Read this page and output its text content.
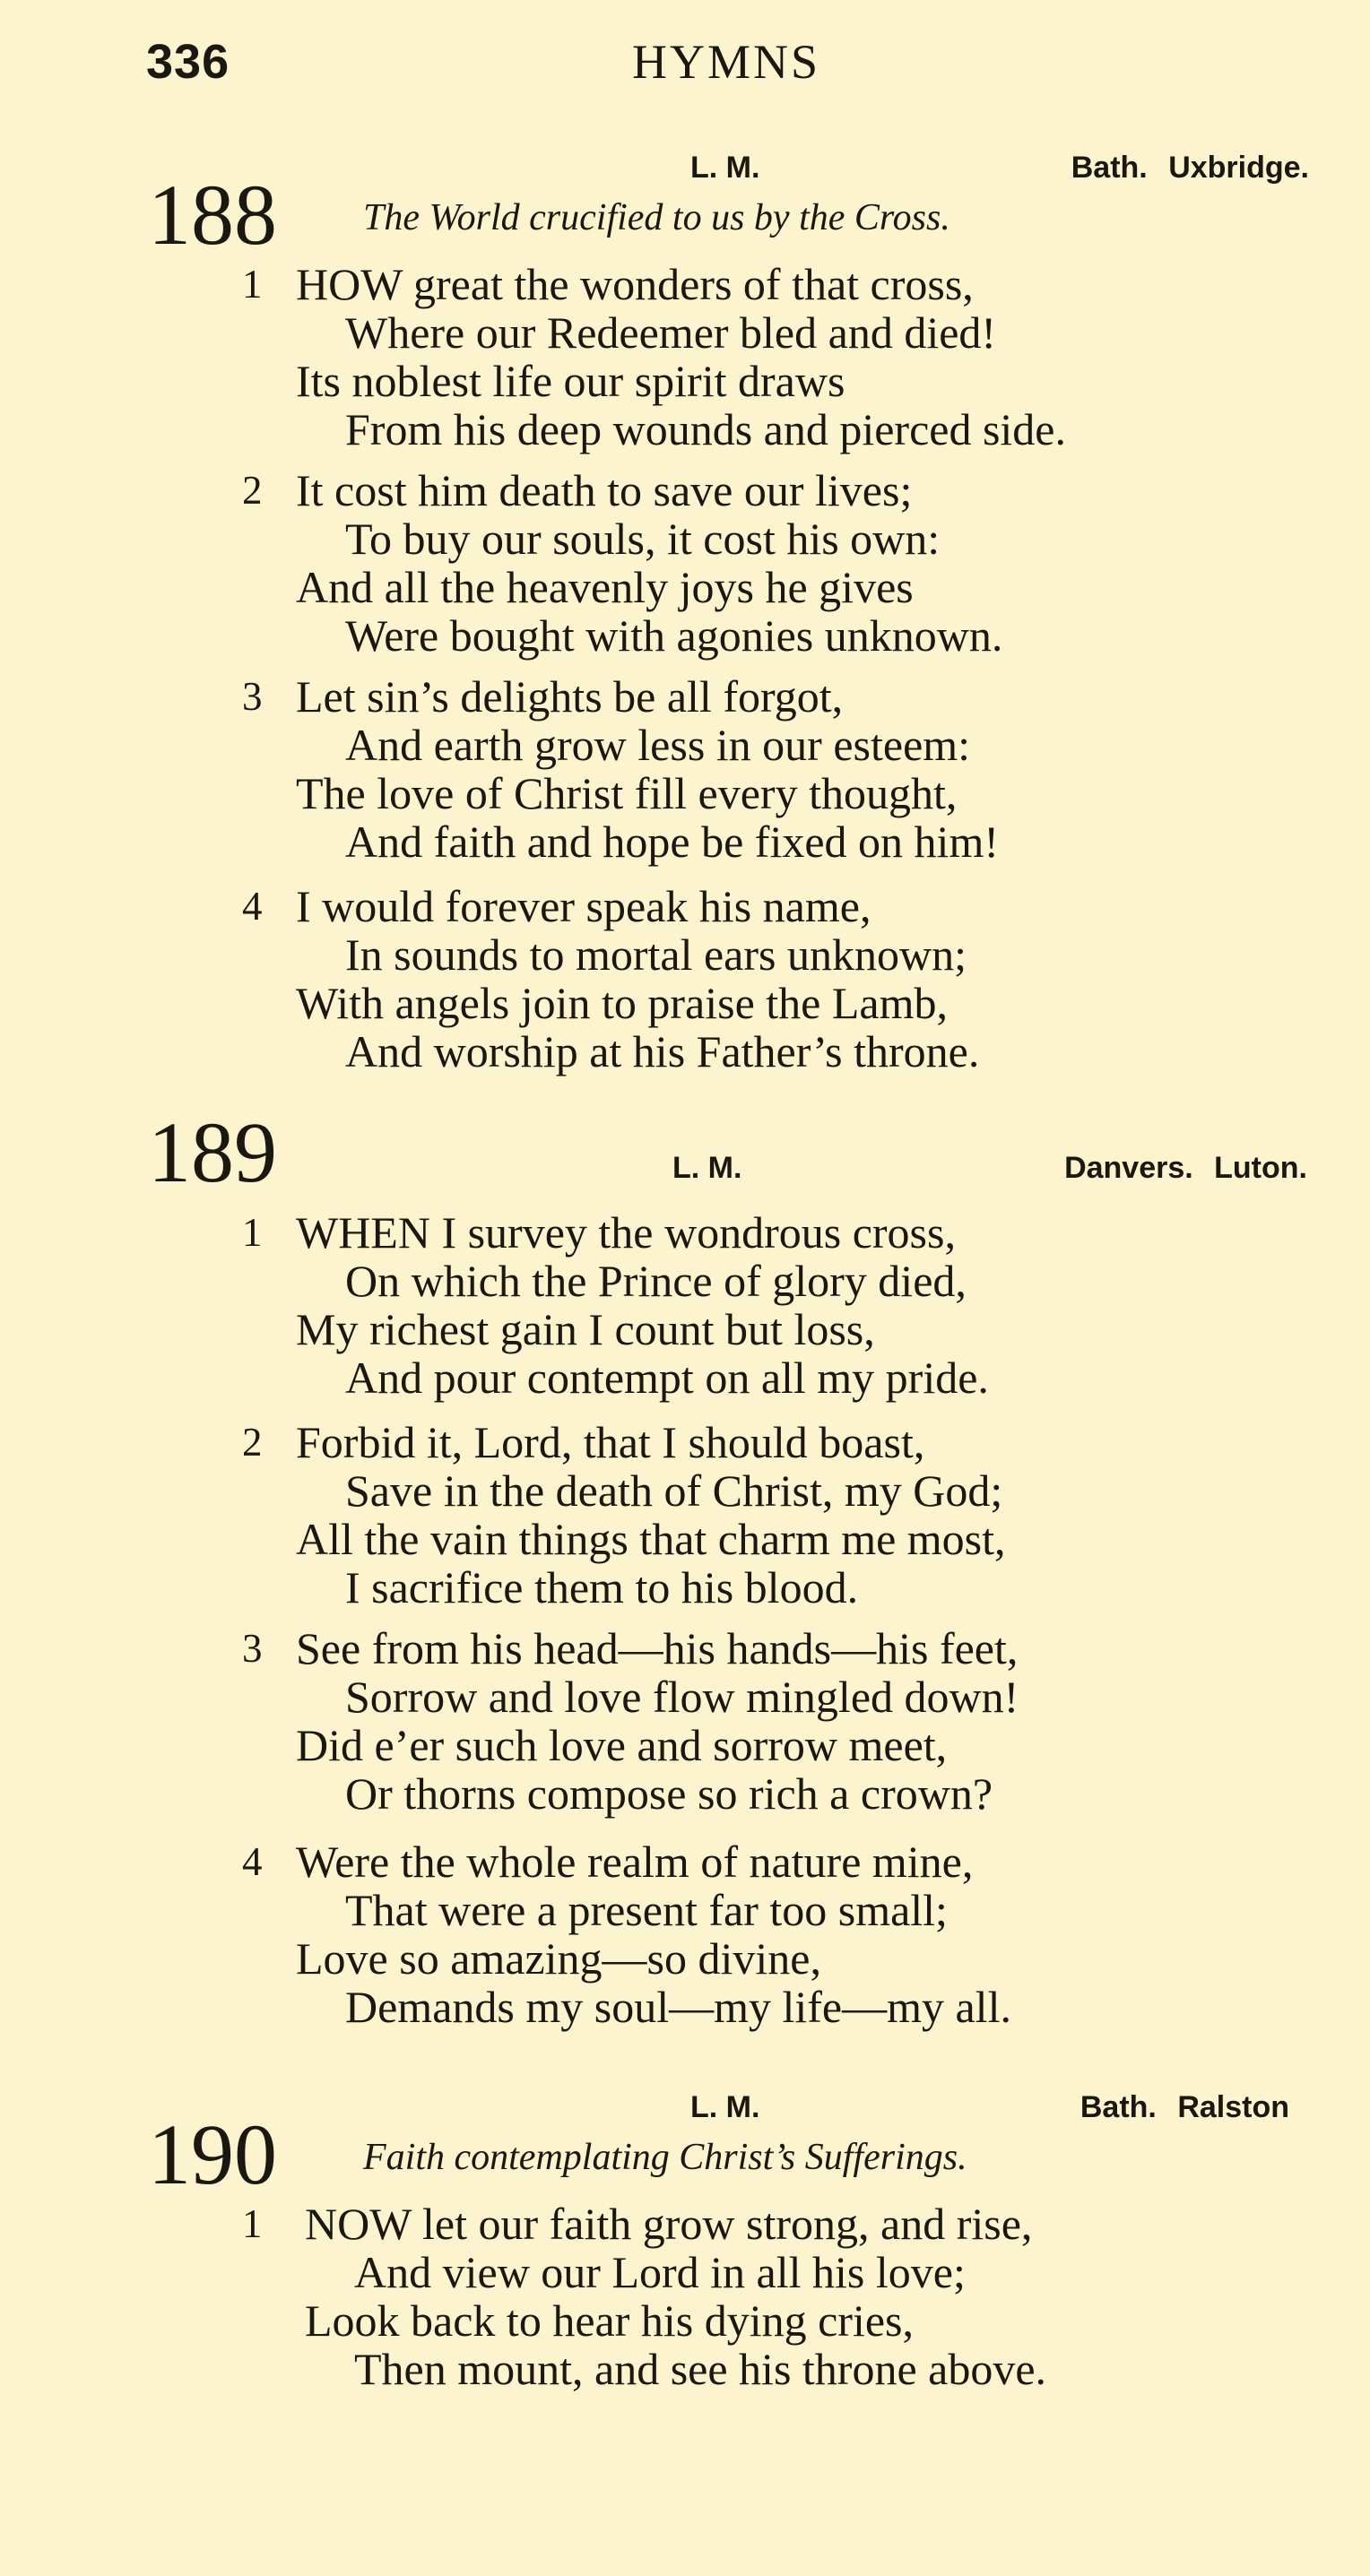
336	HYMNS
188	L. M.	Bath. Uxbridge.
The World crucified to us by the Cross.
1 HOW great the wonders of that cross,
Where our Redeemer bled and died!
Its noblest life our spirit draws
From his deep wounds and pierced side.
2 It cost him death to save our lives;
To buy our souls, it cost his own:
And all the heavenly joys he gives
Were bought with agonies unknown.
3 Let sin’s delights be all forgot,
And earth grow less in our esteem:
The love of Christ fill every thought,
And faith and hope be fixed on him!
4 I would forever speak his name,
In sounds to mortal ears unknown;
With angels join to praise the Lamb,
And worship at his Father’s throne.
189	L. M.	Danvers. Luton.
1 WHEN I survey the wondrous cross,
On which the Prince of glory died,
My richest gain I count but loss,
And pour contempt on all my pride.
2 Forbid it, Lord, that I should boast,
Save in the death of Christ, my God;
All the vain things that charm me most,
I sacrifice them to his blood.
3 See from his head—his hands—his feet,
Sorrow and love flow mingled down!
Did e’er such love and sorrow meet,
Or thorns compose so rich a crown?
4 Were the whole realm of nature mine,
That were a present far too small;
Love so amazing—so divine,
Demands my soul—my life—my all.
190	L. M.	Bath. Ralston
Faith contemplating Christ’s Sufferings.
1 NOW let our faith grow strong, and rise,
And view our Lord in all his love;
Look back to hear his dying cries,
Then mount, and see his throne above.
